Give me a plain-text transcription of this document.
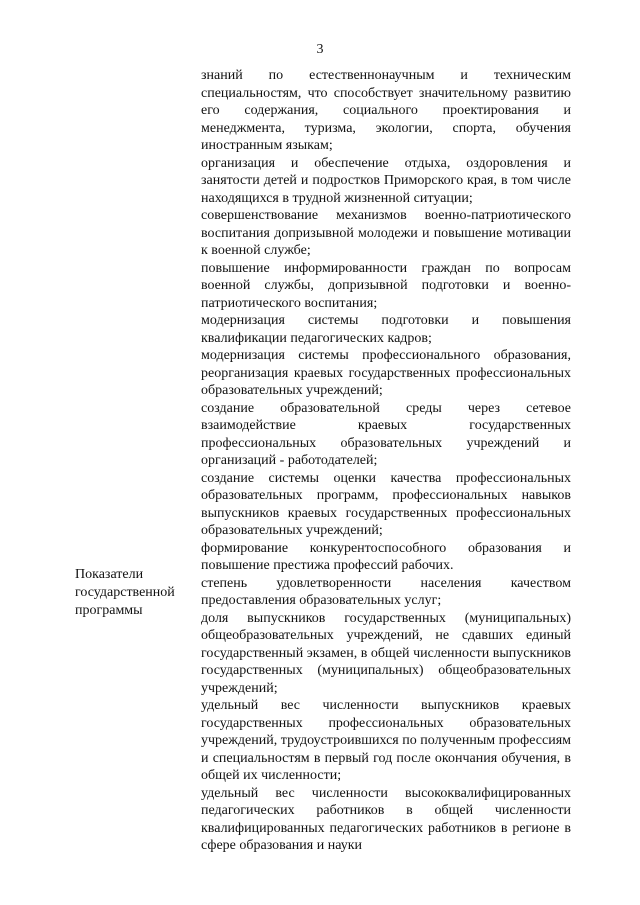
3
Показатели
государственной
программы

знаний по естественнонаучным и техническим специальностям, что способствует значительному развитию его содержания, социального проектирования и менеджмента, туризма, экологии, спорта, обучения иностранным языкам;

организация и обеспечение отдыха, оздоровления и занятости детей и подростков Приморского края, в том числе находящихся в трудной жизненной ситуации;

совершенствование механизмов военно-патриотического воспитания допризывной молодежи и повышение мотивации к военной службе;

повышение информированности граждан по вопросам военной службы, допризывной подготовки и военно-патриотического воспитания;

модернизация системы подготовки и повышения квалификации педагогических кадров;

модернизация системы профессионального образования, реорганизация краевых государственных профессиональных образовательных учреждений;

создание образовательной среды через сетевое взаимодействие краевых государственных профессиональных образовательных учреждений и организаций - работодателей;

создание системы оценки качества профессиональных образовательных программ, профессиональных навыков выпускников краевых государственных профессиональных образовательных учреждений;

формирование конкурентоспособного образования и повышение престижа профессий рабочих.

степень удовлетворенности населения качеством предоставления образовательных услуг;

доля выпускников государственных (муниципальных) общеобразовательных учреждений, не сдавших единый государственный экзамен, в общей численности выпускников государственных (муниципальных) общеобразовательных учреждений;

удельный вес численности выпускников краевых государственных профессиональных образовательных учреждений, трудоустроившихся по полученным профессиям и специальностям в первый год после окончания обучения, в общей их численности;

удельный вес численности высококвалифицированных педагогических работников в общей численности квалифицированных педагогических работников в регионе в сфере образования и науки
